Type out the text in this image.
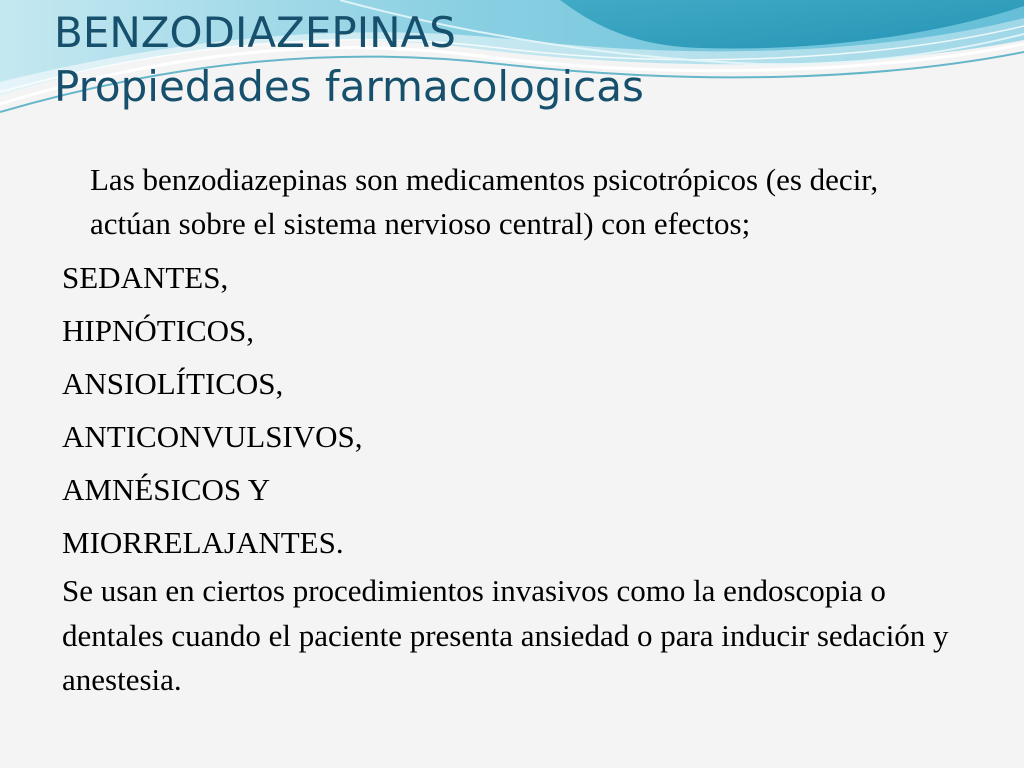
BENZODIAZEPINAS
Propiedades farmacologicas

Las benzodiazepinas son medicamentos psicotrópicos (es decir, actúan sobre el sistema nervioso central) con efectos;

SEDANTES,

HIPNÓTICOS,

ANSIOLÍTICOS,

ANTICONVULSIVOS,

AMNÉSICOS Y

MIORRELAJANTES.

Se usan en ciertos procedimientos invasivos como la endoscopia o dentales cuando el paciente presenta ansiedad o para inducir sedación y anestesia.
